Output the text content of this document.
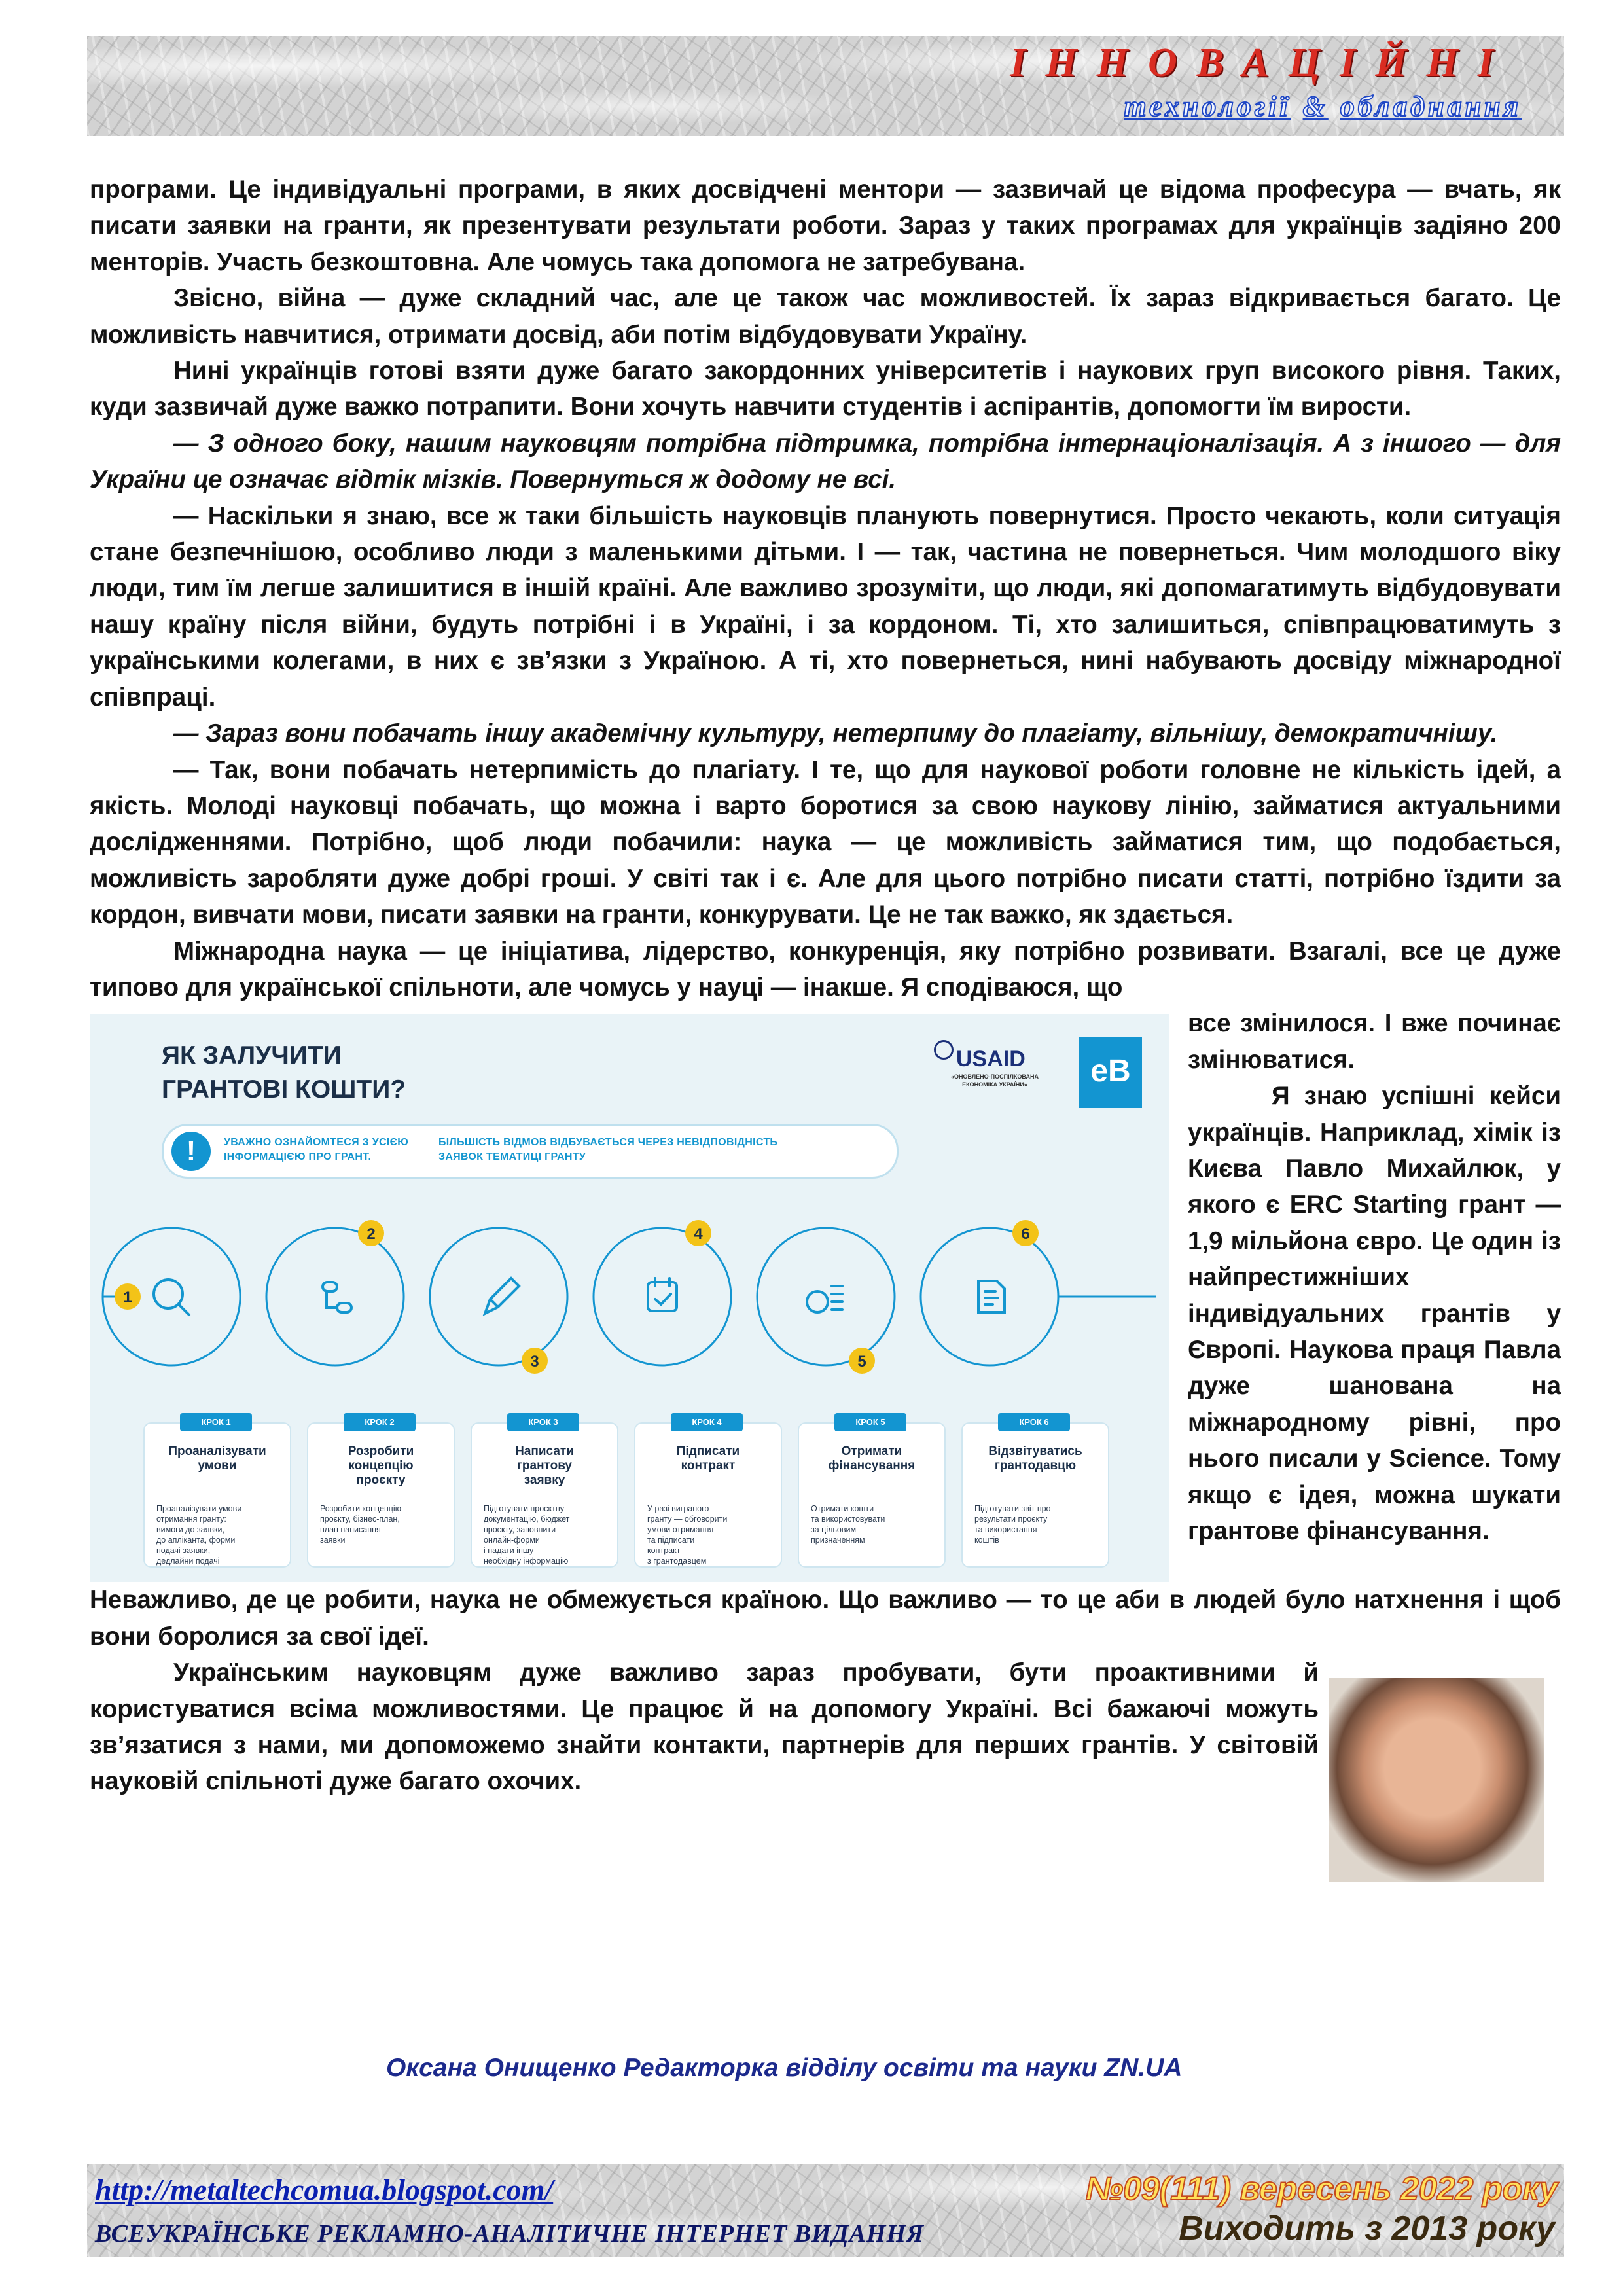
ІННОВАЦІЙНІ

технології & обладнання

програми. Це індивідуальні програми, в яких досвідчені ментори — зазвичай це відома професура — вчать, як писати заявки на гранти, як презентувати результати роботи. Зараз у таких програмах для українців задіяно 200 менторів. Участь безкоштовна. Але чомусь така допомога не затребувана.

Звісно, війна — дуже складний час, але це також час можливостей. Їх зараз відкривається багато. Це можливість навчитися, отримати досвід, аби потім відбудовувати Україну.

Нині українців готові взяти дуже багато закордонних університетів і наукових груп високого рівня. Таких, куди зазвичай дуже важко потрапити. Вони хочуть навчити студентів і аспірантів, допомогти їм вирости.

— З одного боку, нашим науковцям потрібна підтримка, потрібна інтернаціоналізація. А з іншого — для України це означає відтік мізків. Повернуться ж додому не всі.

— Наскільки я знаю, все ж таки більшість науковців планують повернутися. Просто чекають, коли ситуація стане безпечнішою, особливо люди з маленькими дітьми. І — так, частина не повернеться. Чим молодшого віку люди, тим їм легше залишитися в іншій країні. Але важливо зрозуміти, що люди, які допомагатимуть відбудовувати нашу країну після війни, будуть потрібні і в Україні, і за кордоном. Ті, хто залишиться, співпрацюватимуть з українськими колегами, в них є зв’язки з Україною. А ті, хто повернеться, нині набувають досвіду міжнародної співпраці.

— Зараз вони побачать іншу академічну культуру, нетерпиму до плагіату, вільнішу, демократичнішу.

— Так, вони побачать нетерпимість до плагіату. І те, що для наукової роботи головне не кількість ідей, а якість. Молоді науковці побачать, що можна і варто боротися за свою наукову лінію, займатися актуальними дослідженнями. Потрібно, щоб люди побачили: наука — це можливість займатися тим, що подобається, можливість заробляти дуже добрі гроші. У світі так і є. Але для цього потрібно писати статті, потрібно їздити за кордон, вивчати мови, писати заявки на гранти, конкурувати. Це не так важко, як здається.

Міжнародна наука — це ініціатива, лідерство, конкуренція, яку потрібно розвивати. Взагалі, все це дуже типово для української спільноти, але чомусь у науці — інакше. Я сподіваюся, що

1
2
3
4
5
6
ЯК ЗАЛУЧИТИ
ГРАНТОВІ КОШТИ?
USAID
«ОНОВЛЕНО-ПОСПІЛКОВАНА
ЕКОНОМІКА УКРАЇНИ»	eB
!	УВАЖНО ОЗНАЙОМТЕСЯ З УСІЄЮ
ІНФОРМАЦІЄЮ ПРО ГРАНТ.
БІЛЬШІСТЬ ВІДМОВ ВІДБУВАЄТЬСЯ ЧЕРЕЗ НЕВІДПОВІДНІСТЬ
ЗАЯВОК ТЕМАТИЦІ ГРАНТУ
Проаналізувати
умови
Проаналізувати умови
отримання гранту:
вимоги до заявки,
до апліканта, форми
подачі заявки,
дедлайни подачі
Розробити
концепцію
проєкту
Розробити концепцію
проєкту, бізнес-план,
план написання
заявки
Написати
грантову
заявку
Підготувати проєктну
документацію, бюджет
проєкту, заповнити
онлайн-форми
і надати іншу
необхідну інформацію
Підписати
контракт
У разі виграного
гранту — обговорити
умови отримання
та підписати
контракт
з грантодавцем
Отримати
фінансування
Отримати кошти
та використовувати
за цільовим
призначенням
Відзвітуватись
грантодавцю
Підготувати звіт про
результати проєкту
та використання
коштів
КРОК 1	КРОК 2	КРОК 3	КРОК 4	КРОК 5	КРОК 6

все змінилося. І вже починає змінюватися.

Я знаю успішні кейси українців. Наприклад, хімік із Києва Павло Михайлюк, у якого є ERC Starting грант — 1,9 мільйона євро. Це один із найпрестижніших індивідуальних грантів у Європі. Наукова праця Павла дуже шанована на міжнародному рівні, про нього писали у Science. Тому якщо є ідея, можна шукати грантове фінансування.

Неважливо, де це робити, наука не обмежується країною. Що важливо — то це аби в людей було натхнення і щоб вони боролися за свої ідеї.

Українським науковцям дуже важливо зараз пробувати, бути проактивними й користуватися всіма можливостями. Це працює й на допомогу Україні. Всі бажаючі можуть зв’язатися з нами, ми допоможемо знайти контакти, партнерів для перших грантів. У світовій науковій спільноті дуже багато охочих.

Оксана Онищенко Редакторка відділу освіти та науки ZN.UA

http://metaltechcomua.blogspot.com/

ВСЕУКРАЇНСЬКЕ РЕКЛАМНО-АНАЛІТИЧНЕ ІНТЕРНЕТ ВИДАННЯ

№09(111) вересень 2022 року

Виходить з 2013 року
